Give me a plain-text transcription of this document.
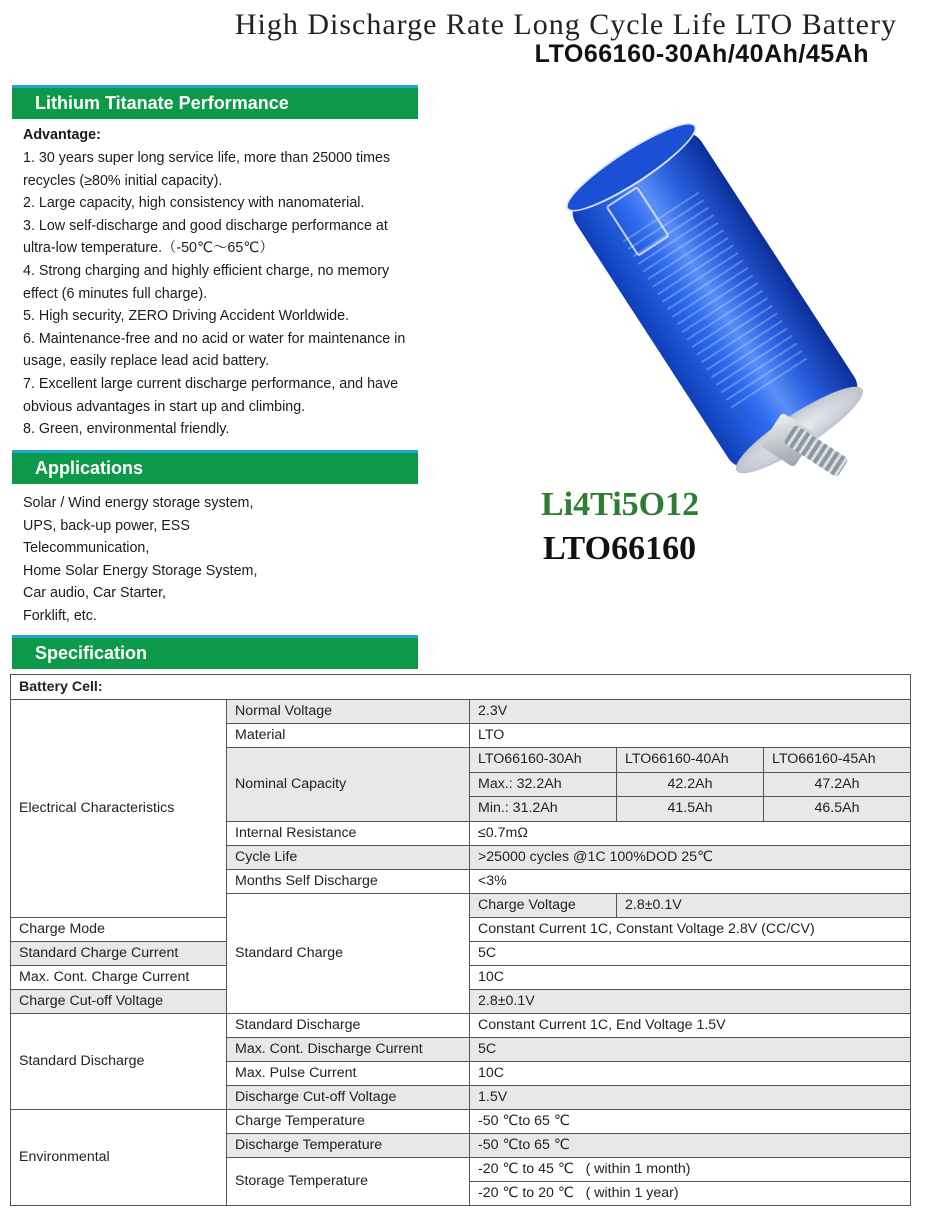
High Discharge Rate Long Cycle Life LTO Battery
LTO66160-30Ah/40Ah/45Ah
Lithium Titanate Performance
Advantage:
1. 30 years super long service life, more than 25000 times
recycles (≥80% initial capacity).
2. Large capacity, high consistency with nanomaterial.
3. Low self-discharge and good discharge performance at
ultra-low temperature.（-50℃～65℃）
4. Strong charging and highly efficient charge, no memory
effect (6 minutes full charge).
5. High security, ZERO Driving Accident Worldwide.
6. Maintenance-free and no acid or water for maintenance in
usage, easily replace lead acid battery.
7. Excellent large current discharge performance, and have
obvious advantages in start up and climbing.
8. Green, environmental friendly.
Applications
Solar / Wind energy storage system,
UPS, back-up power, ESS
Telecommunication,
Home Solar Energy Storage System,
Car audio, Car Starter,
Forklift, etc.
Li4Ti5O12
LTO66160
Specification
Battery Cell:				
Electrical Characteristics	Normal Voltage	2.3V		
	Material	LTO		
	Nominal Capacity	LTO66160-30Ah	LTO66160-40Ah	LTO66160-45Ah
		Max.: 32.2Ah	42.2Ah	47.2Ah
		Min.: 31.2Ah	41.5Ah	46.5Ah
	Internal Resistance	≤0.7mΩ		
	Cycle Life	>25000 cycles @1C 100%DOD 25℃		
	Months Self Discharge	<3%		
	Standard Charge	Charge Voltage	2.8±0.1V	
Charge Mode		Constant Current 1C, Constant Voltage 2.8V (CC/CV)		
Standard Charge Current		5C		
Max. Cont. Charge Current		10C		
Charge Cut-off Voltage		2.8±0.1V		
Standard Discharge	Standard Discharge	Constant Current 1C, End Voltage 1.5V		
	Max. Cont. Discharge Current	5C		
	Max. Pulse Current	10C		
	Discharge Cut-off Voltage	1.5V		
Environmental	Charge Temperature	-50 ℃to 65 ℃		
	Discharge Temperature	-50 ℃to 65 ℃		
	Storage Temperature	-20 ℃ to 45 ℃   ( within 1 month)		
		-20 ℃ to 20 ℃   ( within 1 year)		
